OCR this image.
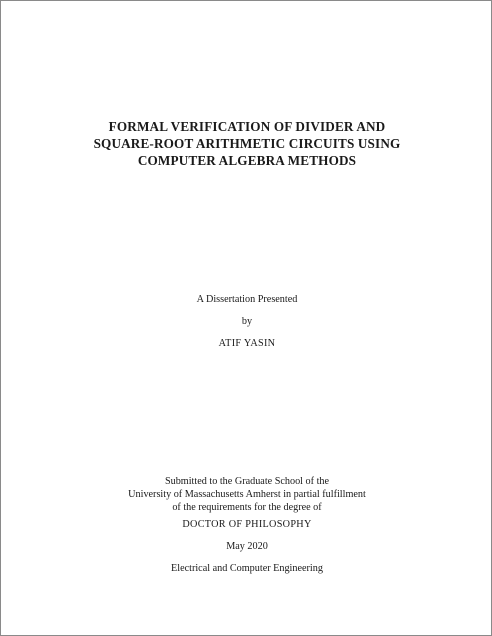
FORMAL VERIFICATION OF DIVIDER AND
SQUARE-ROOT ARITHMETIC CIRCUITS USING
COMPUTER ALGEBRA METHODS
A Dissertation Presented
by
ATIF YASIN
Submitted to the Graduate School of the
University of Massachusetts Amherst in partial fulfillment
of the requirements for the degree of
DOCTOR OF PHILOSOPHY
May 2020
Electrical and Computer Engineering
